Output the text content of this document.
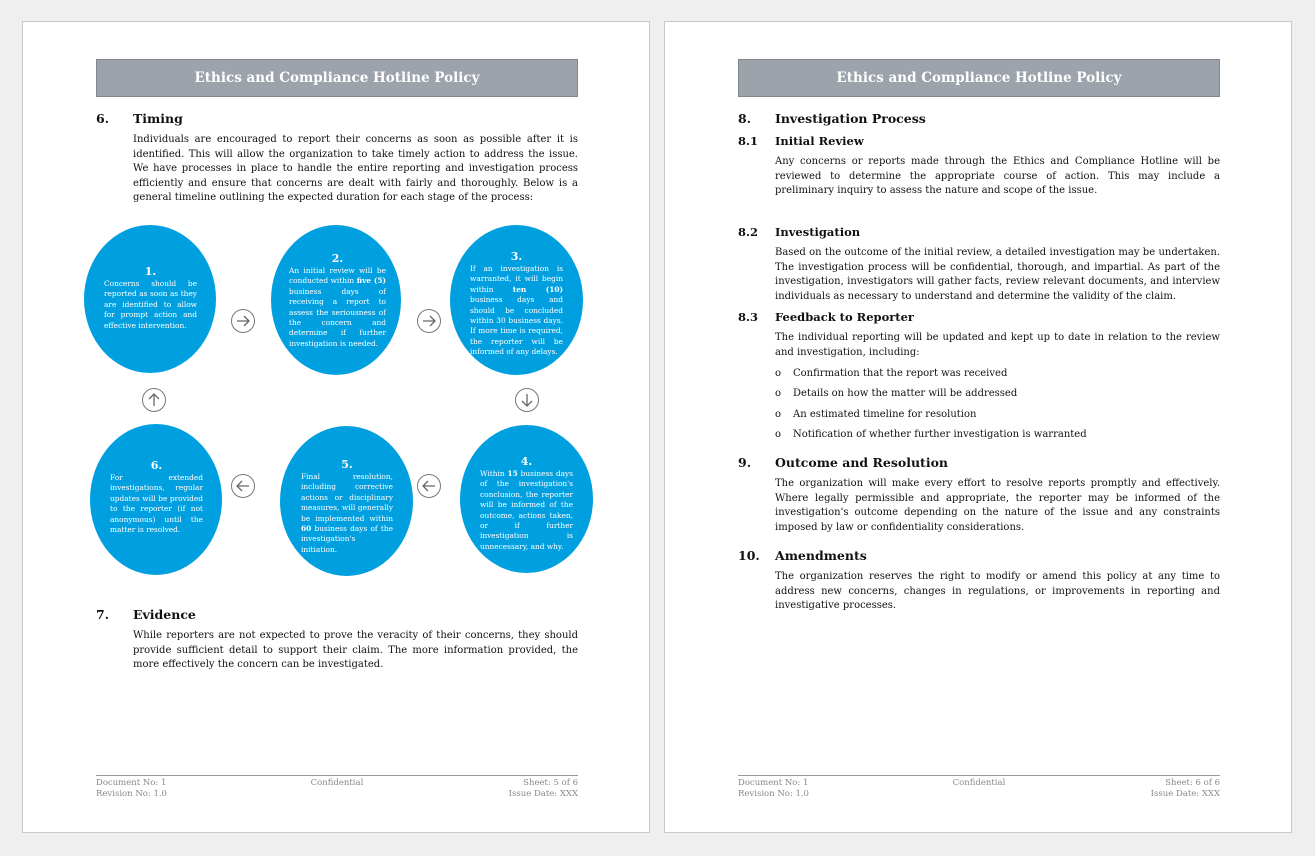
Ethics and Compliance Hotline Policy
6. Timing
Individuals are encouraged to report their concerns as soon as possible after it is identified. This will allow the organization to take timely action to address the issue. We have processes in place to handle the entire reporting and investigation process efficiently and ensure that concerns are dealt with fairly and thoroughly. Below is a general timeline outlining the expected duration for each stage of the process:
1.
Concerns should be reported as soon as they are identified to allow for prompt action and effective intervention.
2.
An initial review will be conducted within five (5) business days of receiving a report to assess the seriousness of the concern and determine if further investigation is needed.
3.
If an investigation is warranted, it will begin within	ten (10) business days and should be concluded within 30 business days. If more time is required, the reporter will be informed of any delays.
4.
Within 15 business days of the investigation's conclusion, the reporter will be informed of the outcome, actions taken, or if further investigation is unnecessary, and why.
5.
Final resolution, including corrective actions or disciplinary measures, will generally be implemented within 60 business days of the investigation's initiation.
6.
For extended investigations, regular updates will be provided to the reporter (if not anonymous) until the matter is resolved.
7. Evidence
While reporters are not expected to prove the veracity of their concerns, they should provide sufficient detail to support their claim. The more information provided, the more effectively the concern can be investigated.
Document No: 1
Revision No: 1.0
Confidential	Sheet: 5 of 6
Issue Date: XXX
Ethics and Compliance Hotline Policy
8. Investigation Process
8.1 Initial Review
Any concerns or reports made through the Ethics and Compliance Hotline will be reviewed to determine the appropriate course of action. This may include a preliminary inquiry to assess the nature and scope of the issue.
8.2 Investigation
Based on the outcome of the initial review, a detailed investigation may be undertaken. The investigation process will be confidential, thorough, and impartial. As part of the investigation, investigators will gather facts, review relevant documents, and interview individuals as necessary to understand and determine the validity of the claim.
8.3 Feedback to Reporter
The individual reporting will be updated and kept up to date in relation to the review and investigation, including:
o Confirmation that the report was received
o Details on how the matter will be addressed
o An estimated timeline for resolution
o Notification of whether further investigation is warranted
9. Outcome and Resolution
The organization will make every effort to resolve reports promptly and effectively. Where legally permissible and appropriate, the reporter may be informed of the investigation's outcome depending on the nature of the issue and any constraints imposed by law or confidentiality considerations.
10. Amendments
The organization reserves the right to modify or amend this policy at any time to address new concerns, changes in regulations, or improvements in reporting and investigative processes.
Document No: 1
Revision No: 1.0
Confidential	Sheet: 6 of 6
Issue Date: XXX
